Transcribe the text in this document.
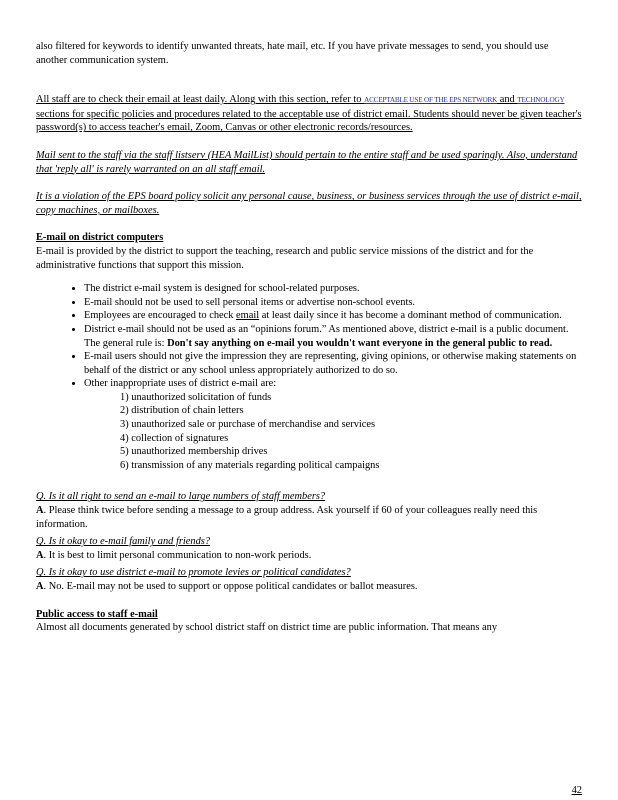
also filtered for keywords to identify unwanted threats, hate mail, etc. If you have private messages to send, you should use another communication system.

All staff are to check their email at least daily. Along with this section, refer to ACCEPTABLE USE OF THE EPS NETWORK and TECHNOLOGY sections for specific policies and procedures related to the acceptable use of district email. Students should never be given teacher's password(s) to access teacher's email, Zoom, Canvas or other electronic records/resources.

Mail sent to the staff via the staff listserv (HEA MailList) should pertain to the entire staff and be used sparingly. Also, understand that 'reply all' is rarely warranted on an all staff email.

It is a violation of the EPS board policy solicit any personal cause, business, or business services through the use of district e-mail, copy machines, or mailboxes.

E-mail on district computers

E-mail is provided by the district to support the teaching, research and public service missions of the district and for the administrative functions that support this mission.

• The district e-mail system is designed for school-related purposes.
• E-mail should not be used to sell personal items or advertise non-school events.
• Employees are encouraged to check email at least daily since it has become a dominant method of communication.
• District e-mail should not be used as an “opinions forum.” As mentioned above, district e-mail is a public document. The general rule is: Don't say anything on e-mail you wouldn't want everyone in the general public to read.
• E-mail users should not give the impression they are representing, giving opinions, or otherwise making statements on behalf of the district or any school unless appropriately authorized to do so.
• Other inappropriate uses of district e-mail are:
1) unauthorized solicitation of funds
2) distribution of chain letters
3) unauthorized sale or purchase of merchandise and services
4) collection of signatures
5) unauthorized membership drives
6) transmission of any materials regarding political campaigns

Q. Is it all right to send an e-mail to large numbers of staff members?

A. Please think twice before sending a message to a group address. Ask yourself if 60 of your colleagues really need this information.

Q. Is it okay to e-mail family and friends?

A. It is best to limit personal communication to non-work periods.

Q. Is it okay to use district e-mail to promote levies or political candidates?

A. No. E-mail may not be used to support or oppose political candidates or ballot measures.

Public access to staff e-mail

Almost all documents generated by school district staff on district time are public information. That means any

42
